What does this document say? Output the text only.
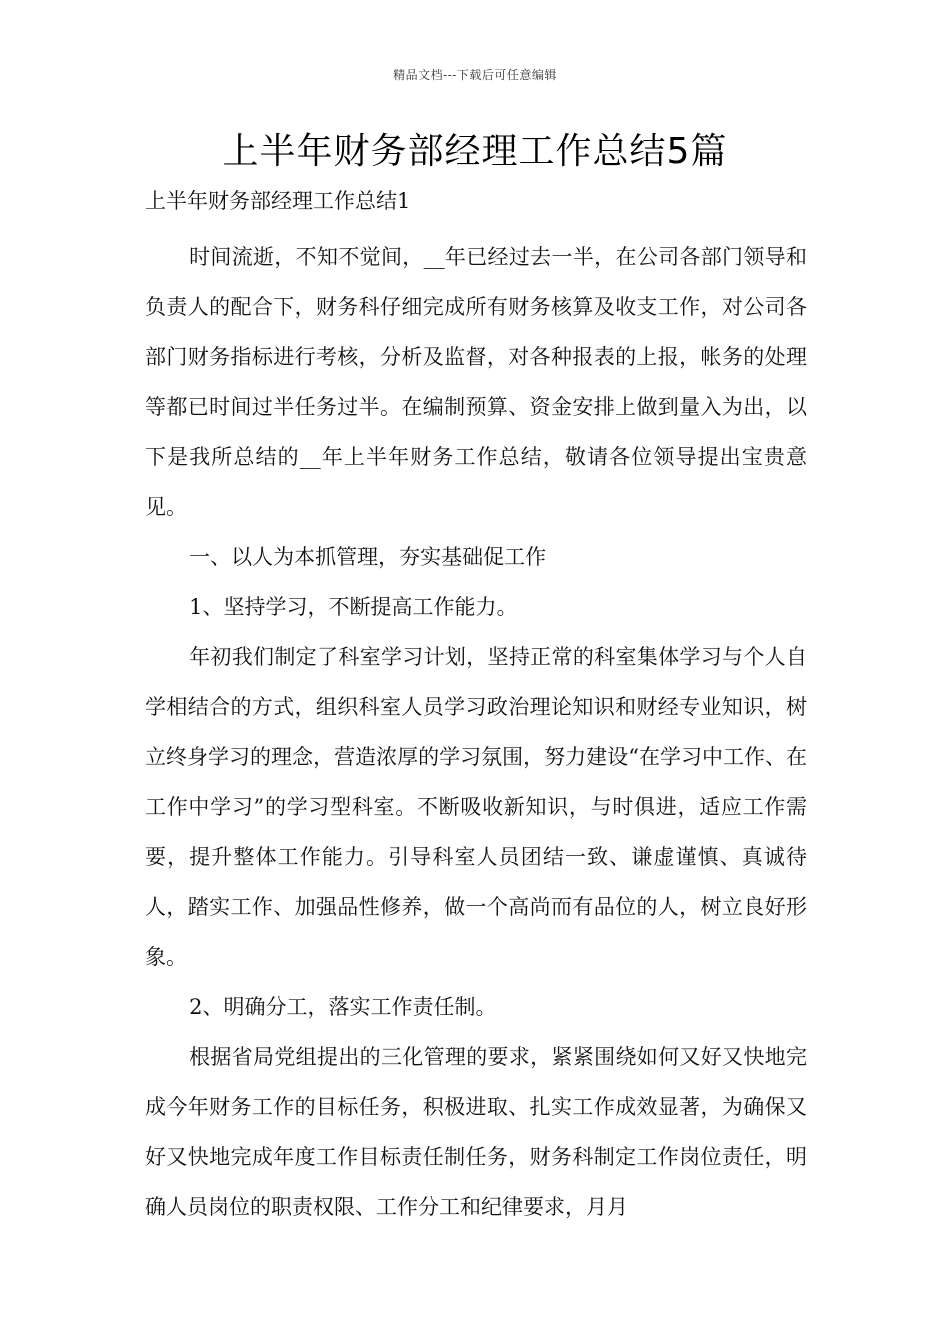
精品文档---下载后可任意编辑
上半年财务部经理工作总结5篇

上半年财务部经理工作总结1

时间流逝，不知不觉间，__年已经过去一半，在公司各部门领导和负责人的配合下，财务科仔细完成所有财务核算及收支工作，对公司各部门财务指标进行考核，分析及监督，对各种报表的上报，帐务的处理等都已时间过半任务过半。在编制预算、资金安排上做到量入为出，以下是我所总结的__年上半年财务工作总结，敬请各位领导提出宝贵意见。

一、以人为本抓管理，夯实基础促工作

1、坚持学习，不断提高工作能力。

年初我们制定了科室学习计划，坚持正常的科室集体学习与个人自学相结合的方式，组织科室人员学习政治理论知识和财经专业知识，树立终身学习的理念，营造浓厚的学习氛围，努力建设“在学习中工作、在工作中学习”的学习型科室。不断吸收新知识，与时俱进，适应工作需要，提升整体工作能力。引导科室人员团结一致、谦虚谨慎、真诚待人，踏实工作、加强品性修养，做一个高尚而有品位的人，树立良好形象。

2、明确分工，落实工作责任制。

根据省局党组提出的三化管理的要求，紧紧围绕如何又好又快地完成今年财务工作的目标任务，积极进取、扎实工作成效显著，为确保又好又快地完成年度工作目标责任制任务，财务科制定工作岗位责任，明确人员岗位的职责权限、工作分工和纪律要求，月月
